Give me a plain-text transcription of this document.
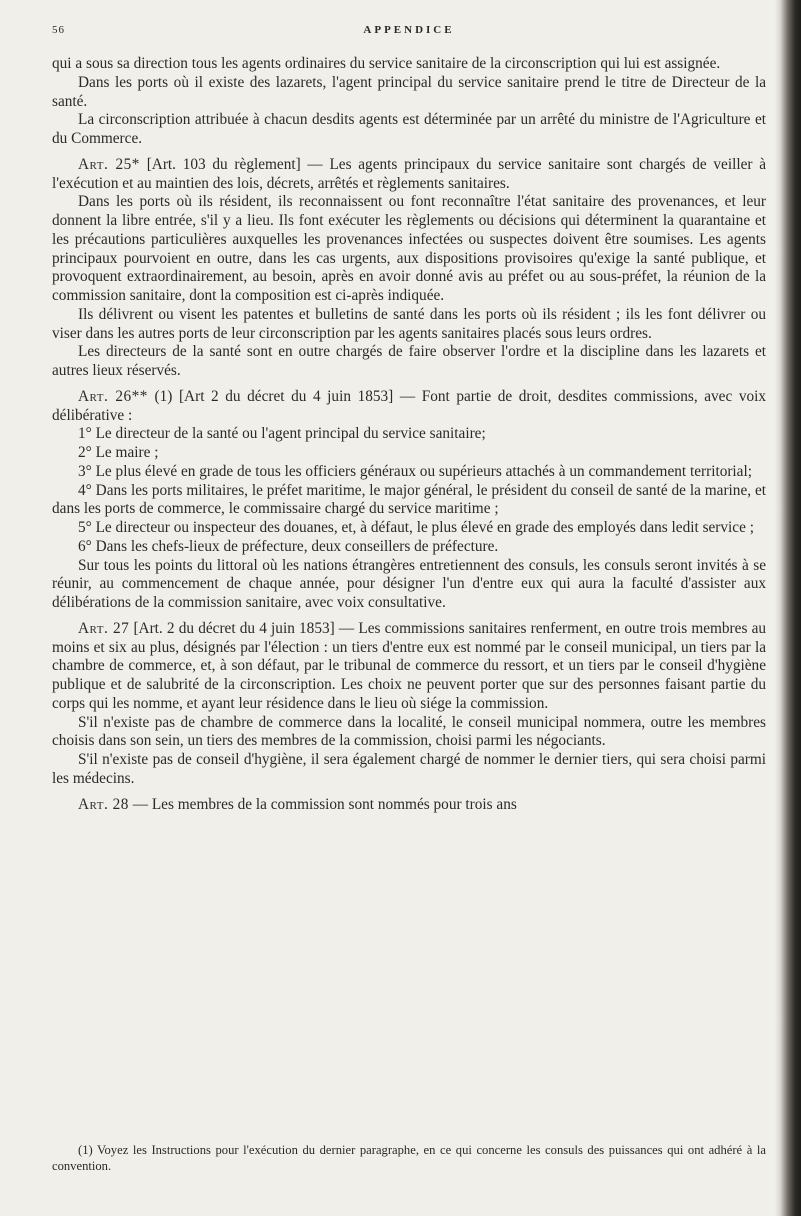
56	APPENDICE

qui a sous sa direction tous les agents ordinaires du service sanitaire de la circonscription qui lui est assignée.

Dans les ports où il existe des lazarets, l'agent principal du service sanitaire prend le titre de Directeur de la santé.

La circonscription attribuée à chacun desdits agents est déterminée par un arrêté du ministre de l'Agriculture et du Commerce.

Art. 25* [Art. 103 du règlement] — Les agents principaux du service sanitaire sont chargés de veiller à l'exécution et au maintien des lois, décrets, arrêtés et règlements sanitaires.

Dans les ports où ils résident, ils reconnaissent ou font reconnaître l'état sanitaire des provenances, et leur donnent la libre entrée, s'il y a lieu. Ils font exécuter les règlements ou décisions qui déterminent la quarantaine et les précautions particulières auxquelles les provenances infectées ou suspectes doivent être soumises. Les agents principaux pourvoient en outre, dans les cas urgents, aux dispositions provisoires qu'exige la santé publique, et provoquent extraordinairement, au besoin, après en avoir donné avis au préfet ou au sous-préfet, la réunion de la commission sanitaire, dont la composition est ci-après indiquée.

Ils délivrent ou visent les patentes et bulletins de santé dans les ports où ils résident ; ils les font délivrer ou viser dans les autres ports de leur circonscription par les agents sanitaires placés sous leurs ordres.

Les directeurs de la santé sont en outre chargés de faire observer l'ordre et la discipline dans les lazarets et autres lieux réservés.

Art. 26** (1) [Art 2 du décret du 4 juin 1853] — Font partie de droit, desdites commissions, avec voix délibérative :

1° Le directeur de la santé ou l'agent principal du service sanitaire;

2° Le maire ;

3° Le plus élevé en grade de tous les officiers généraux ou supérieurs attachés à un commandement territorial;

4° Dans les ports militaires, le préfet maritime, le major général, le président du conseil de santé de la marine, et dans les ports de commerce, le commissaire chargé du service maritime ;

5° Le directeur ou inspecteur des douanes, et, à défaut, le plus élevé en grade des employés dans ledit service ;

6° Dans les chefs-lieux de préfecture, deux conseillers de préfecture.

Sur tous les points du littoral où les nations étrangères entretiennent des consuls, les consuls seront invités à se réunir, au commencement de chaque année, pour désigner l'un d'entre eux qui aura la faculté d'assister aux délibérations de la commission sanitaire, avec voix consultative.

Art. 27 [Art. 2 du décret du 4 juin 1853] — Les commissions sanitaires renferment, en outre trois membres au moins et six au plus, désignés par l'élection : un tiers d'entre eux est nommé par le conseil municipal, un tiers par la chambre de commerce, et, à son défaut, par le tribunal de commerce du ressort, et un tiers par le conseil d'hygiène publique et de salubrité de la circonscription. Les choix ne peuvent porter que sur des personnes faisant partie du corps qui les nomme, et ayant leur résidence dans le lieu où siége la commission.

S'il n'existe pas de chambre de commerce dans la localité, le conseil municipal nommera, outre les membres choisis dans son sein, un tiers des membres de la commission, choisi parmi les négociants.

S'il n'existe pas de conseil d'hygiène, il sera également chargé de nommer le dernier tiers, qui sera choisi parmi les médecins.

Art. 28 — Les membres de la commission sont nommés pour trois ans

(1) Voyez les Instructions pour l'exécution du dernier paragraphe, en ce qui concerne les consuls des puissances qui ont adhéré à la convention.
